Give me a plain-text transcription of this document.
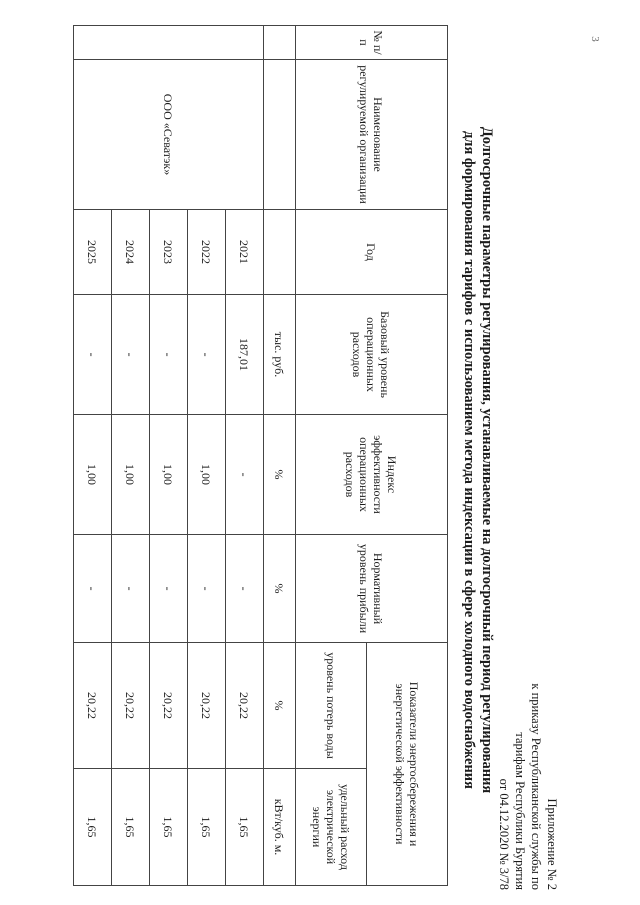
3
Приложение № 2
к приказу Республиканской службы по
тарифам Республики Бурятия
от 04.12.2020 № 3/78
Долгосрочные параметры регулирования, устанавливаемые на долгосрочный период регулирования
для формирования тарифов с использованием метода индексации в сфере холодного водоснабжения
№ п/п	Наименование регулируемой организации	Год	Базовый уровень операционных расходов	Индекс эффективности операционных расходов	Нормативный уровень прибыли	Показатели энергосбережения и энергетической эффективности	
						уровень потерь воды	удельный расход электрической энергии
			тыс. руб.	%	%	%	кВт/куб. м.
	ООО «Севатэк»	2021	187,01	-	-	20,22	1,65
		2022	-	1,00	-	20,22	1,65
		2023	-	1,00	-	20,22	1,65
		2024	-	1,00	-	20,22	1,65
		2025	-	1,00	-	20,22	1,65
